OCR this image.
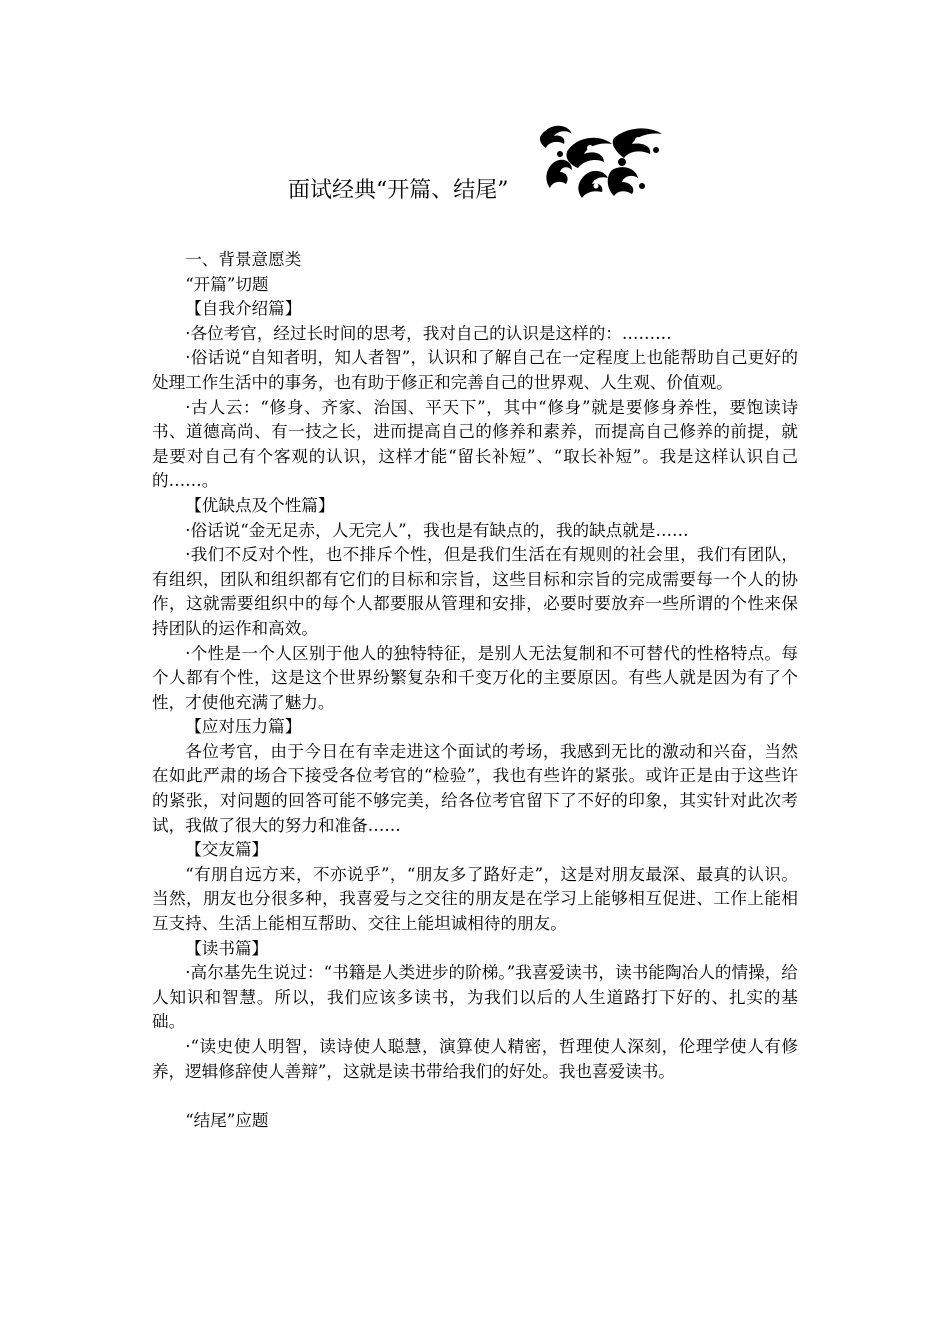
面试经典“开篇、结尾”

一、背景意愿类

“开篇”切题

【自我介绍篇】

·各位考官，经过长时间的思考，我对自己的认识是这样的：………

·俗话说“自知者明，知人者智”，认识和了解自己在一定程度上也能帮助自己更好的处理工作生活中的事务，也有助于修正和完善自己的世界观、人生观、价值观。

·古人云：“修身、齐家、治国、平天下”，其中“修身”就是要修身养性，要饱读诗书、道德高尚、有一技之长，进而提高自己的修养和素养，而提高自己修养的前提，就是要对自己有个客观的认识，这样才能“留长补短”、“取长补短”。我是这样认识自己的……。

【优缺点及个性篇】

·俗话说“金无足赤，人无完人”，我也是有缺点的，我的缺点就是……

·我们不反对个性，也不排斥个性，但是我们生活在有规则的社会里，我们有团队，有组织，团队和组织都有它们的目标和宗旨，这些目标和宗旨的完成需要每一个人的协作，这就需要组织中的每个人都要服从管理和安排，必要时要放弃一些所谓的个性来保持团队的运作和高效。

·个性是一个人区别于他人的独特特征，是别人无法复制和不可替代的性格特点。每个人都有个性，这是这个世界纷繁复杂和千变万化的主要原因。有些人就是因为有了个性，才使他充满了魅力。

【应对压力篇】

各位考官，由于今日在有幸走进这个面试的考场，我感到无比的激动和兴奋，当然在如此严肃的场合下接受各位考官的“检验”，我也有些许的紧张。或许正是由于这些许的紧张，对问题的回答可能不够完美，给各位考官留下了不好的印象，其实针对此次考试，我做了很大的努力和准备……

【交友篇】

“有朋自远方来，不亦说乎”，“朋友多了路好走”，这是对朋友最深、最真的认识。当然，朋友也分很多种，我喜爱与之交往的朋友是在学习上能够相互促进、工作上能相互支持、生活上能相互帮助、交往上能坦诚相待的朋友。

【读书篇】

·高尔基先生说过：“书籍是人类进步的阶梯。”我喜爱读书，读书能陶冶人的情操，给人知识和智慧。所以，我们应该多读书，为我们以后的人生道路打下好的、扎实的基础。

·“读史使人明智，读诗使人聪慧，演算使人精密，哲理使人深刻，伦理学使人有修养，逻辑修辞使人善辩”，这就是读书带给我们的好处。我也喜爱读书。

“结尾”应题
